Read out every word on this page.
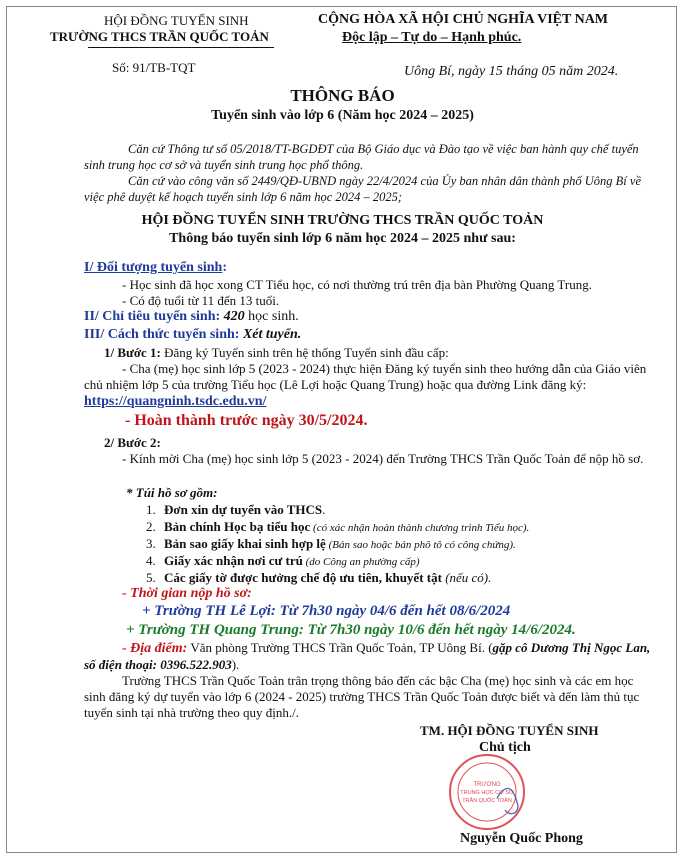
HỘI ĐỒNG TUYỂN SINH
TRƯỜNG THCS TRẦN QUỐC TOẢN
CỘNG HÒA XÃ HỘI CHỦ NGHĨA VIỆT NAM
Độc lập – Tự do – Hạnh phúc.
Số: 91/TB-TQT	Uông Bí, ngày 15 tháng 05 năm 2024.
THÔNG BÁO
Tuyển sinh vào lớp 6 (Năm học 2024 – 2025)
Căn cứ Thông tư số 05/2018/TT-BGDĐT của Bộ Giáo dục và Đào tạo về việc ban hành quy chế tuyển sinh trung học cơ sở và tuyển sinh trung học phổ thông.
Căn cứ vào công văn số 2449/QĐ-UBND ngày 22/4/2024 của Ủy ban nhân dân thành phố Uông Bí về việc phê duyệt kế hoạch tuyển sinh lớp 6 năm học 2024 – 2025;
HỘI ĐỒNG TUYỂN SINH TRƯỜNG THCS TRẦN QUỐC TOẢN
Thông báo tuyển sinh lớp 6 năm học 2024 – 2025 như sau:
I/ Đối tượng tuyển sinh:
- Học sinh đã học xong CT Tiểu học, có nơi thường trú trên địa bàn Phường Quang Trung.
- Có độ tuổi từ 11 đến 13 tuổi.
II/ Chỉ tiêu tuyển sinh: 420 học sinh.
III/ Cách thức tuyển sinh: Xét tuyển.
1/ Bước 1: Đăng ký Tuyển sinh trên hệ thống Tuyển sinh đầu cấp:
- Cha (mẹ) học sinh lớp 5 (2023 - 2024) thực hiện Đăng ký tuyển sinh theo hướng dẫn của Giáo viên chủ nhiệm lớp 5 của trường Tiểu học (Lê Lợi hoặc Quang Trung) hoặc qua đường Link đăng ký: https://quangninh.tsdc.edu.vn/
- Hoàn thành trước ngày 30/5/2024.
2/ Bước 2:
- Kính mời Cha (mẹ) học sinh lớp 5 (2023 - 2024) đến Trường THCS Trần Quốc Toản để nộp hồ sơ.
* Túi hồ sơ gồm:
1. Đơn xin dự tuyển vào THCS.
2. Bản chính Học bạ tiểu học (có xác nhận hoàn thành chương trình Tiểu học).
3. Bản sao giấy khai sinh hợp lệ (Bản sao hoặc bản phô tô có công chứng).
4. Giấy xác nhận nơi cư trú (do Công an phường cấp)
5. Các giấy tờ được hưởng chế độ ưu tiên, khuyết tật (nếu có).
- Thời gian nộp hồ sơ:
+ Trường TH Lê Lợi: Từ 7h30 ngày 04/6 đến hết 08/6/2024
+ Trường TH Quang Trung: Từ 7h30 ngày 10/6 đến hết ngày 14/6/2024.
- Địa điểm: Văn phòng Trường THCS Trần Quốc Toản, TP Uông Bí. (gặp cô Dương Thị Ngọc Lan, số điện thoại: 0396.522.903).
Trường THCS Trần Quốc Toản trân trọng thông báo đến các bậc Cha (mẹ) học sinh và các em học sinh đăng ký dự tuyển vào lớp 6 (2024 - 2025) trường THCS Trần Quốc Toản được biết và đến làm thủ tục tuyển sinh tại nhà trường theo quy định./.
TM. HỘI ĐỒNG TUYỂN SINH
Chủ tịch
TRƯỜNG
TRUNG HỌC CƠ SỞ
TRẦN QUỐC TOẢN
Nguyễn Quốc Phong
